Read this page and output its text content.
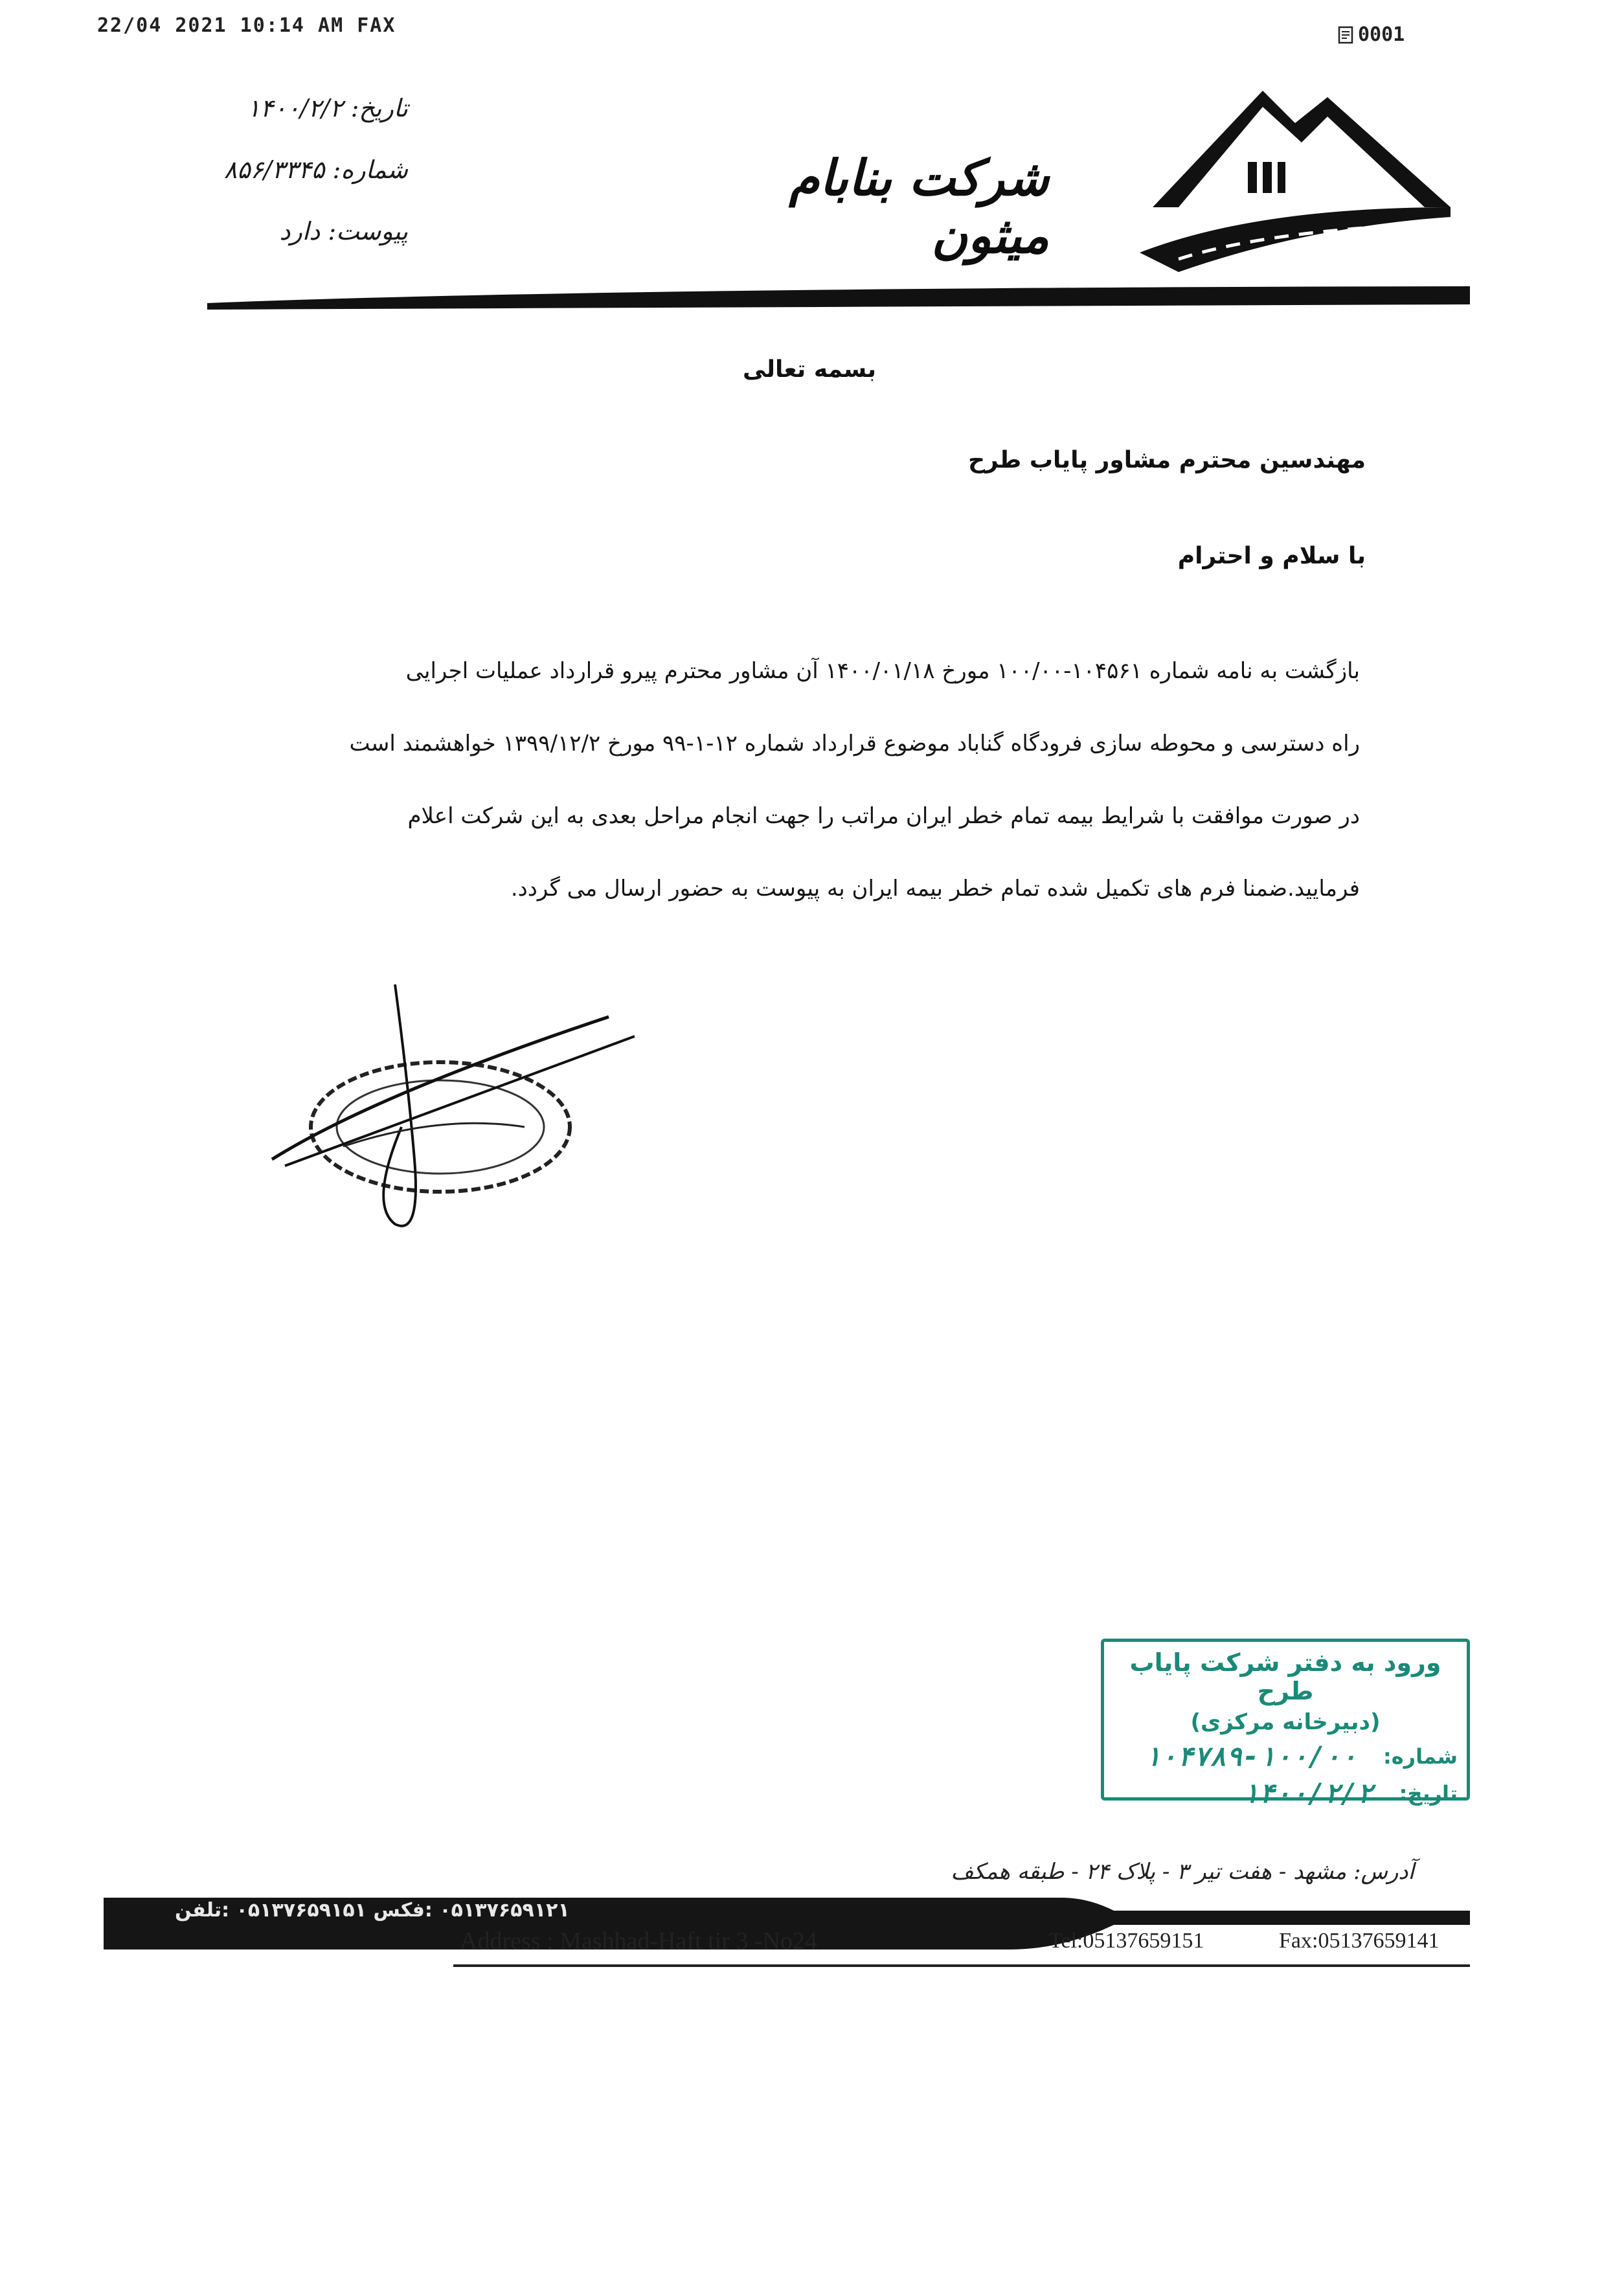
22/04 2021 10:14 AM FAX	0001
تاریخ: ۱۴۰۰/۲/۲
شماره: ۸۵۶/۳۳۴۵
پیوست: دارد
شرکت بنابام میثون
بسمه تعالی
مهندسین محترم مشاور پایاب طرح
با سلام و احترام

بازگشت به نامه شماره ۱۰۴۵۶۱-۱۰۰/۰۰ مورخ ۱۴۰۰/۰۱/۱۸ آن مشاور محترم پیرو قرارداد عملیات اجرایی

راه دسترسی و محوطه سازی فرودگاه گناباد موضوع قرارداد شماره ۱۲-۱-۹۹ مورخ ۱۳۹۹/۱۲/۲ خواهشمند است

در صورت موافقت با شرایط بیمه تمام خطر ایران مراتب را جهت انجام مراحل بعدی به این شرکت اعلام

فرمایید.ضمنا فرم های تکمیل شده تمام خطر بیمه ایران به پیوست به حضور ارسال می گردد.

ورود به دفتر شرکت پایاب طرح
(دبیرخانه مرکزی)
شماره:
۱۰۴۷۸۹-۱۰۰/۰۰
تاریخ:
۱۴۰۰/۲/۲
آدرس: مشهد - هفت تیر ۳ - پلاک ۲۴ - طبقه همکف
۰۵۱۳۷۶۵۹۱۲۱ :فکس ۰۵۱۳۷۶۵۹۱۵۱ :تلفن
Address : Mashhad-Haft tir 3 -No24	Tel:05137659151	Fax:05137659141
